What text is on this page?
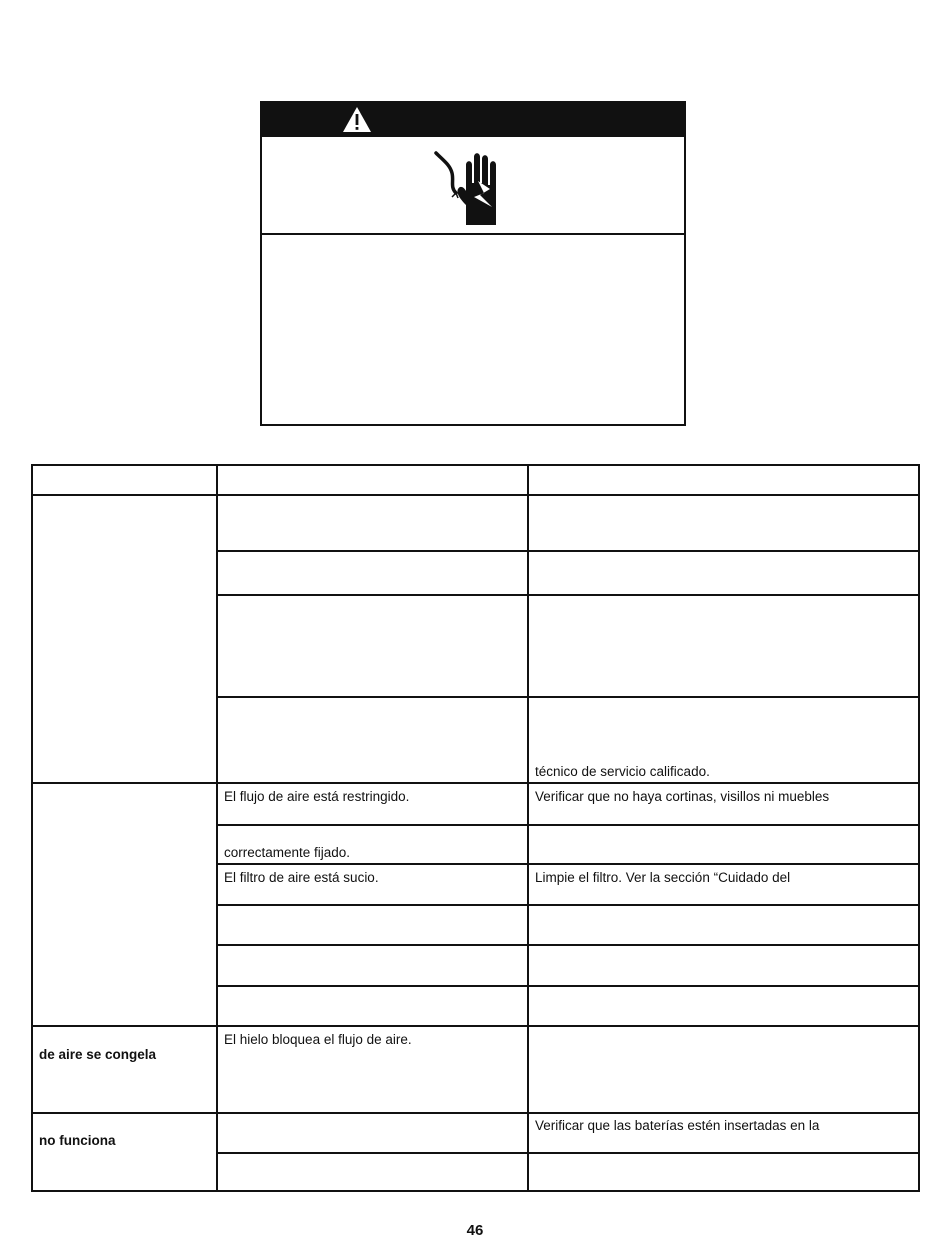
de aire se congela
no funciona
El flujo de aire está restringido.
correctamente fijado.
El filtro de aire está sucio.
El hielo bloquea el flujo de aire.
técnico de servicio calificado.
Verificar que no haya cortinas, visillos ni muebles
Limpie el filtro. Ver la sección “Cuidado del
Verificar que las baterías estén insertadas en la
46
